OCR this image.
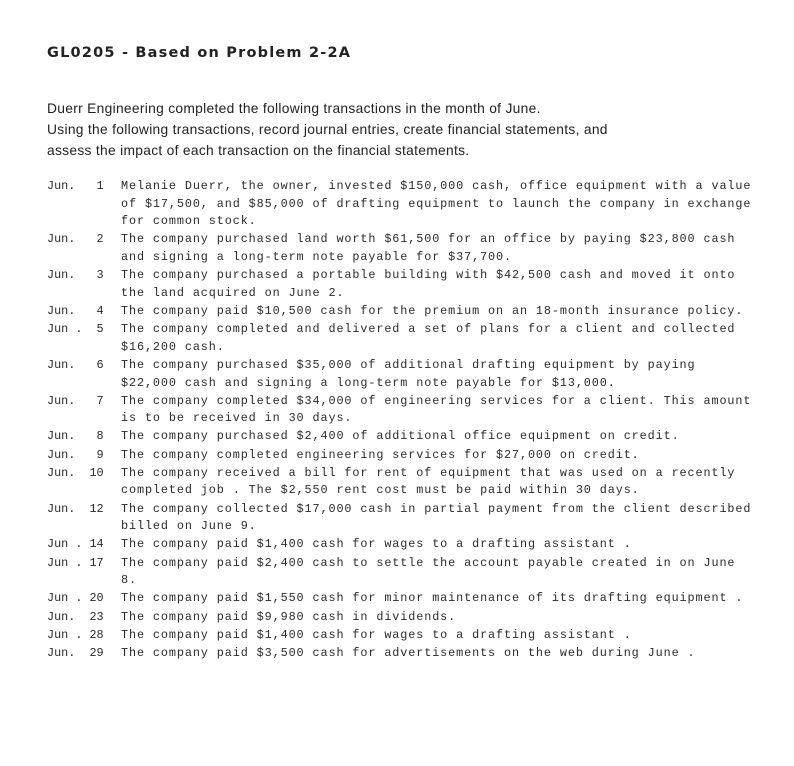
GL0205 - Based on Problem 2-2A
Duerr Engineering completed the following transactions in the month of June.
Using the following transactions, record journal entries, create financial statements, and
assess the impact of each transaction on the financial statements.
Jun.   1	Melanie Duerr, the owner, invested $150,000 cash, office equipment with a value of $17,500, and $85,000 of drafting equipment to launch the company in exchange for common stock.
Jun.   2	The company purchased land worth $61,500 for an office by paying $23,800 cash and signing a long-term note payable for $37,700.
Jun.   3	The company purchased a portable building with $42,500 cash and moved it onto the land acquired on June 2.
Jun.   4	The company paid $10,500 cash for the premium on an 18-month insurance policy.
Jun .  5	The company completed and delivered a set of plans for a client and collected $16,200 cash.
Jun.   6	The company purchased $35,000 of additional drafting equipment by paying $22,000 cash and signing a long-term note payable for $13,000.
Jun.   7	The company completed $34,000 of engineering services for a client. This amount is to be received in 30 days.
Jun.   8	The company purchased $2,400 of additional office equipment on credit.
Jun.   9	The company completed engineering services for $27,000 on credit.
Jun.  10	The company received a bill for rent of equipment that was used on a recently completed job . The $2,550 rent cost must be paid within 30 days.
Jun.  12	The company collected $17,000 cash in partial payment from the client described billed on June 9.
Jun . 14	The company paid $1,400 cash for wages to a drafting assistant .
Jun . 17	The company paid $2,400 cash to settle the account payable created in on June 8.
Jun . 20	The company paid $1,550 cash for minor maintenance of its drafting equipment .
Jun.  23	The company paid $9,980 cash in dividends.
Jun . 28	The company paid $1,400 cash for wages to a drafting assistant .
Jun.  29	The company paid $3,500 cash for advertisements on the web during June .
